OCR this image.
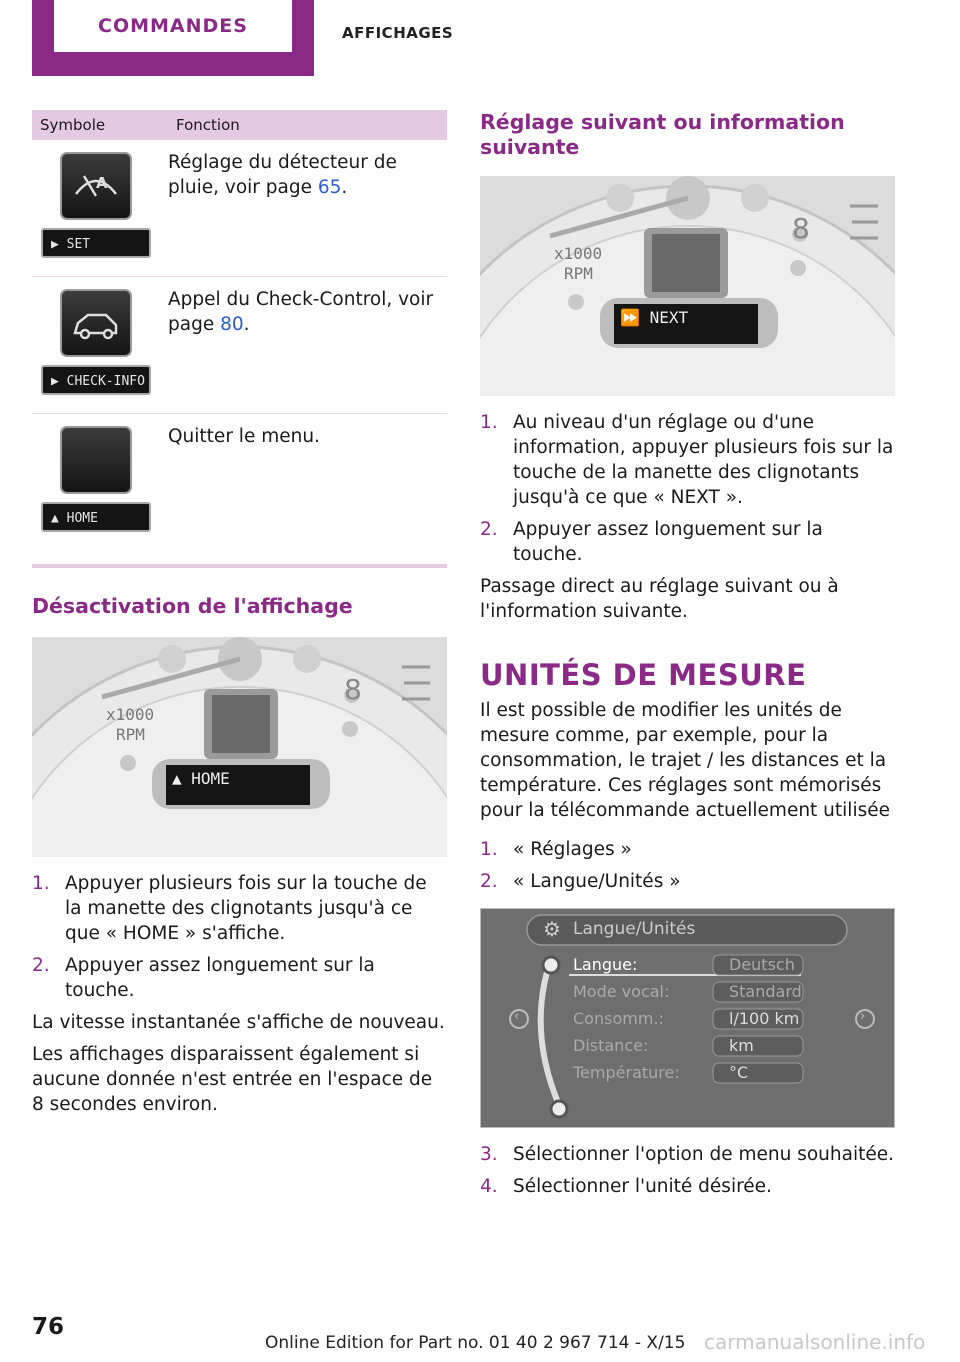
COMMANDES	AFFICHAGES
Symbole	Fonction

A
▶ SET	Réglage du détecteur de pluie, voir page 65.

▶ CHECK-INFO	Appel du Check-Control, voir page 80.

▲ HOME	Quitter le menu.
Désactivation de l'affichage
8
x1000
RPM
▲ HOME
1. Appuyer plusieurs fois sur la touche de la manette des clignotants jusqu'à ce que « HOME » s'affiche.
2. Appuyer assez longuement sur la touche.

La vitesse instantanée s'affiche de nouveau.

Les affichages disparaissent également si aucune donnée n'est entrée en l'espace de 8 secondes environ.

Réglage suivant ou information suivante
8
x1000
RPM
⏩ NEXT
1. Au niveau d'un réglage ou d'une information, appuyer plusieurs fois sur la touche de la manette des clignotants jusqu'à ce que « NEXT ».
2. Appuyer assez longuement sur la touche.

Passage direct au réglage suivant ou à l'information suivante.

UNITÉS DE MESURE

Il est possible de modifier les unités de mesure comme, par exemple, pour la consommation, le trajet / les distances et la température. Ces réglages sont mémorisés pour la télécommande actuellement utilisée

1. « Réglages »
2. « Langue/Unités »
⚙ Langue/Unités
‹	›
Langue:	Deutsch
Mode vocal:	Standard
Consomm.:	l/100 km
Distance:	km
Température:	°C
3. Sélectionner l'option de menu souhaitée.
4. Sélectionner l'unité désirée.
76
Online Edition for Part no. 01 40 2 967 714 - X/15 carmanualsonline.info
